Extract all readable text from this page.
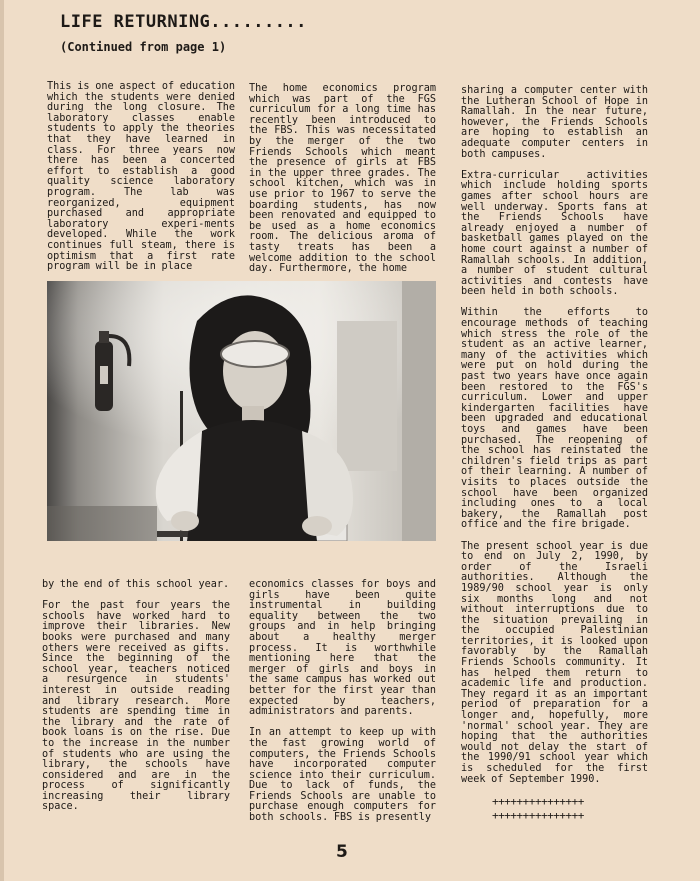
LIFE RETURNING.........
(Continued from page 1)

This is one aspect of education which the students were denied during the long closure. The laboratory classes enable students to apply the theories that they have learned in class. For three years now there has been a concerted effort to establish a good quality science laboratory program. The lab was reorganized, equipment purchased and appropriate laboratory experi-ments developed. While the work continues full steam, there is optimism that a first rate program will be in place

The home economics program which was part of the FGS curriculum for a long time has recently been introduced to the FBS. This was necessitated by the merger of the two Friends Schools which meant the presence of girls at FBS in the upper three grades. The school kitchen, which was in use prior to 1967 to serve the boarding students, has now been renovated and equipped to be used as a home economics room. The delicious aroma of tasty treats has been a welcome addition to the school day. Furthermore, the home

sharing a computer center with the Lutheran School of Hope in Ramallah. In the near future, however, the Friends Schools are hoping to establish an adequate computer centers in both campuses.

Extra-curricular activities which include holding sports games after school hours are well underway. Sports fans at the Friends Schools have already enjoyed a number of basketball games played on the home court against a number of Ramallah schools. In addition, a number of student cultural activities and contests have been held in both schools.

Within the efforts to encourage methods of teaching which stress the role of the student as an active learner, many of the activities which were put on hold during the past two years have once again been restored to the FGS's curriculum. Lower and upper kindergarten facilities have been upgraded and educational toys and games have been purchased. The reopening of the school has reinstated the children's field trips as part of their learning. A number of visits to places outside the school have been organized including ones to a local bakery, the Ramallah post office and the fire brigade.

The present school year is due to end on July 2, 1990, by order of the Israeli authorities. Although the 1989/90 school year is only six months long and not without interruptions due to the situation prevailing in the occupied Palestinian territories, it is looked upon favorably by the Ramallah Friends Schools community. It has helped them return to academic life and production. They regard it as an important period of preparation for a longer and, hopefully, more 'normal' school year. They are hoping that the authorities would not delay the start of the 1990/91 school year which is scheduled for the first week of September 1990.

by the end of this school year.

For the past four years the schools have worked hard to improve their libraries. New books were purchased and many others were received as gifts. Since the beginning of the school year, teachers noticed a resurgence in students' interest in outside reading and library research. More students are spending time in the library and the rate of book loans is on the rise. Due to the increase in the number of students who are using the library, the schools have considered and are in the process of significantly increasing their library space.

economics classes for boys and girls have been quite instrumental in building equality between the two groups and in help bringing about a healthy merger process. It is worthwhile mentioning here that the merger of girls and boys in the same campus has worked out better for the first year than expected by teachers, administrators and parents.

In an attempt to keep up with the fast growing world of computers, the Friends Schools have incorporated computer science into their curriculum. Due to lack of funds, the Friends Schools are unable to purchase enough computers for both schools. FBS is presently

+++++++++++++++
+++++++++++++++
5
